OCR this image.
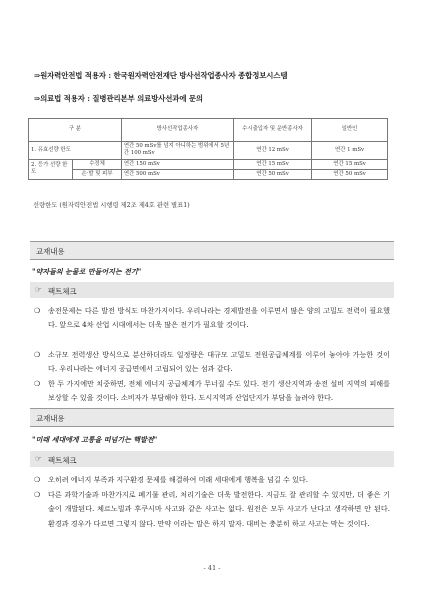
⇒원자력안전법 적용자 : 한국원자력안전재단 방사선작업종사자 종합정보시스템
⇒의료법 적용자 : 질병관리본부 의료방사선과에 문의
구 분		방사선작업종사자	수시출입자 및 운반종사자	일반인
1. 유효선량 한도		연간 50 mSv를 넘지 아니하는 범위에서 5년간 100 mSv	연간 12 mSv	연간 1 mSv
2. 등가 선량 한도	수정체	연간 150 mSv	연간 15 mSv	연간 15 mSv
	손·발 및 피부	연간 500 mSv	연간 50 mSv	연간 50 mSv
선량한도 (원자력안전법 시행령 제2조 제4호 관련 별표1)
교재내용
"약자들의 눈물로 만들어지는 전기"
☞ 팩트체크
❍ 송전문제는 다른 발전 방식도 마찬가지이다. 우리나라는 경제발전을 이루면서 많은 양의 고밀도 전력이 필요했다. 앞으로 4차 산업 시대에서는 더욱 많은 전기가 필요할 것이다.
❍ 소규모 전력생산 방식으로 분산하더라도 일정량은 대규모 고밀도 전원공급체계를 이루어 놓아야 가능한 것이다. 우리나라는 에너지 공급면에서 고립되어 있는 섬과 같다.
❍ 한 두 가지에만 치중하면, 전체 에너지 공급체계가 무너질 수도 있다. 전기 생산지역과 송전 설비 지역의 피해를 보상할 수 있을 것이다. 소비자가 부담해야 한다. 도시지역과 산업단지가 부담을 늘려야 한다.
교재내용
"미래 세대에게 고통을 떠넘기는 핵발전"
☞ 팩트체크
❍ 오히려 에너지 부족과 지구환경 문제를 해결하여 미래 세대에게 행복을 넘길 수 있다.
❍ 다른 과학기술과 마찬가지로 폐기물 관리, 처리기술은 더욱 발전한다. 지금도 잘 관리할 수 있지만, 더 좋은 기술이 개발된다. 체르노빌과 후쿠시마 사고와 같은 사고는 없다. 원전은 모두 사고가 난다고 생각하면 안 된다. 환경과 경우가 다르면 그렇지 않다. 만약 이라는 말은 하지 말자. 대비는 충분히 하고 사고는 막는 것이다.
- 41 -
